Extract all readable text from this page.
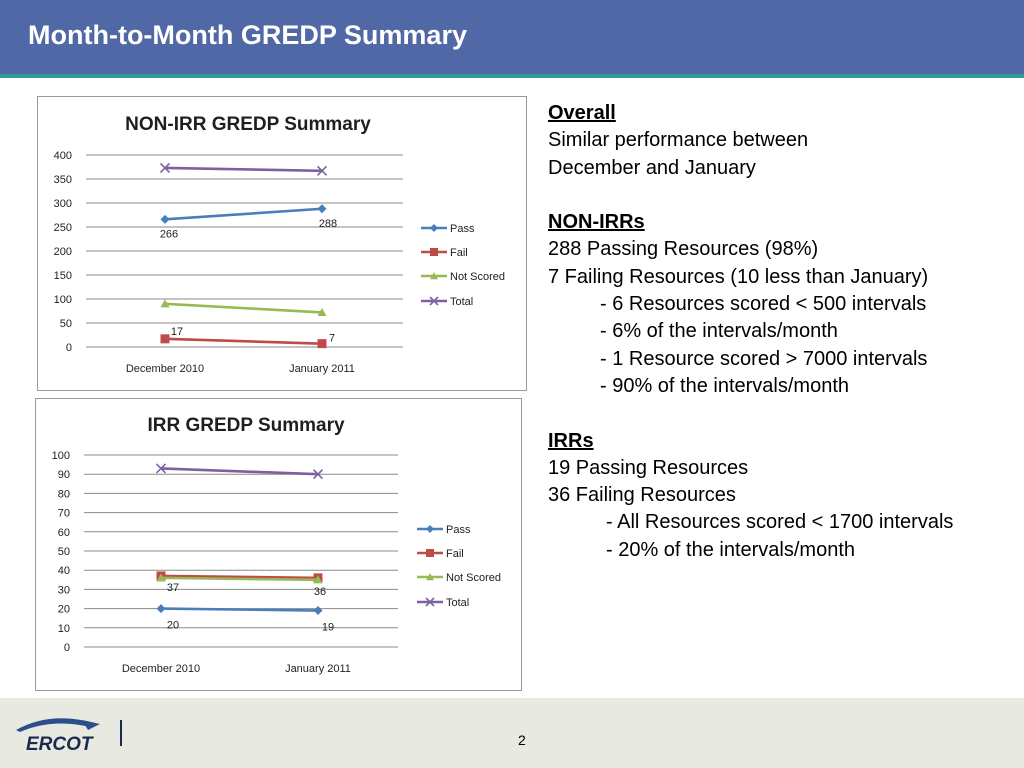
Month-to-Month GREDP Summary
NON-IRR GREDP Summary
0
50
100
150
200
250
300
350
400
December 2010	January 2011
266
288	Pass
17
7
Fail
Not Scored
Total
IRR GREDP Summary
0
10
20
30
40
50
60
70
80
90
100
December 2010	January 2011
20	19
Pass
37	36
Fail
Not Scored
Total
Overall
Similar performance between
December and January
NON-IRRs
288 Passing Resources (98%)
7 Failing Resources (10 less than January)
- 6 Resources scored < 500 intervals
- 6% of the intervals/month
- 1 Resource scored > 7000 intervals
- 90% of the intervals/month
IRRs
19 Passing Resources
36 Failing Resources
- All Resources scored < 1700 intervals
- 20% of the intervals/month
ERCOT	2
